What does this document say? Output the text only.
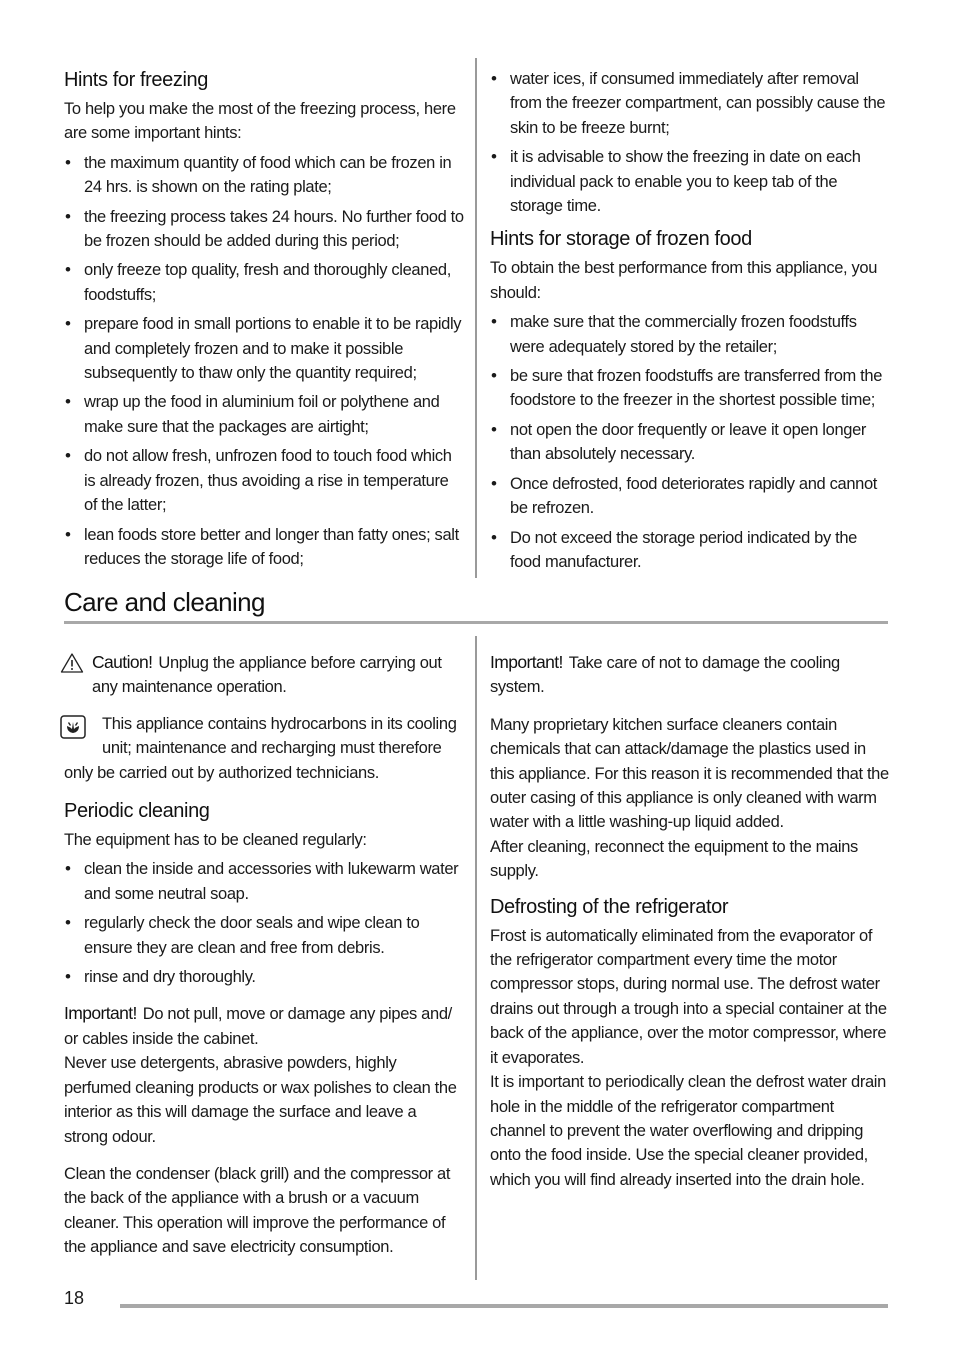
Hints for freezing

To help you make the most of the freezing process, here are some important hints:

• the maximum quantity of food which can be frozen in 24 hrs. is shown on the rating plate;
• the freezing process takes 24 hours. No further food to be frozen should be added during this period;
• only freeze top quality, fresh and thoroughly cleaned, foodstuffs;
• prepare food in small portions to enable it to be rapidly and completely frozen and to make it possible subsequently to thaw only the quantity required;
• wrap up the food in aluminium foil or polythene and make sure that the packages are airtight;
• do not allow fresh, unfrozen food to touch food which is already frozen, thus avoiding a rise in temperature of the latter;
• lean foods store better and longer than fatty ones; salt reduces the storage life of food;
• water ices, if consumed immediately after removal from the freezer compartment, can possibly cause the skin to be freeze burnt;
• it is advisable to show the freezing in date on each individual pack to enable you to keep tab of the storage time.
Hints for storage of frozen food

To obtain the best performance from this appliance, you should:

• make sure that the commercially frozen foodstuffs were adequately stored by the retailer;
• be sure that frozen foodstuffs are transferred from the foodstore to the freezer in the shortest possible time;
• not open the door frequently or leave it open longer than absolutely necessary.
• Once defrosted, food deteriorates rapidly and cannot be refrozen.
• Do not exceed the storage period indicated by the food manufacturer.
Care and cleaning
Caution! Unplug the appliance before carrying out any maintenance operation.

This appliance contains hydrocarbons in its cooling unit; maintenance and recharging must therefore only be carried out by authorized technicians.

Periodic cleaning

The equipment has to be cleaned regularly:

• clean the inside and accessories with lukewarm water and some neutral soap.
• regularly check the door seals and wipe clean to ensure they are clean and free from debris.
• rinse and dry thoroughly.

Important! Do not pull, move or damage any pipes and/ or cables inside the cabinet.

Never use detergents, abrasive powders, highly perfumed cleaning products or wax polishes to clean the interior as this will damage the surface and leave a strong odour.

Clean the condenser (black grill) and the compressor at the back of the appliance with a brush or a vacuum cleaner. This operation will improve the performance of the appliance and save electricity consumption.

Important! Take care of not to damage the cooling system.

Many proprietary kitchen surface cleaners contain chemicals that can attack/damage the plastics used in this appliance. For this reason it is recommended that the outer casing of this appliance is only cleaned with warm water with a little washing-up liquid added.

After cleaning, reconnect the equipment to the mains supply.

Defrosting of the refrigerator

Frost is automatically eliminated from the evaporator of the refrigerator compartment every time the motor compressor stops, during normal use. The defrost water drains out through a trough into a special container at the back of the appliance, over the motor compressor, where it evaporates.

It is important to periodically clean the defrost water drain hole in the middle of the refrigerator compartment channel to prevent the water overflowing and dripping onto the food inside. Use the special cleaner provided, which you will find already inserted into the drain hole.

18
